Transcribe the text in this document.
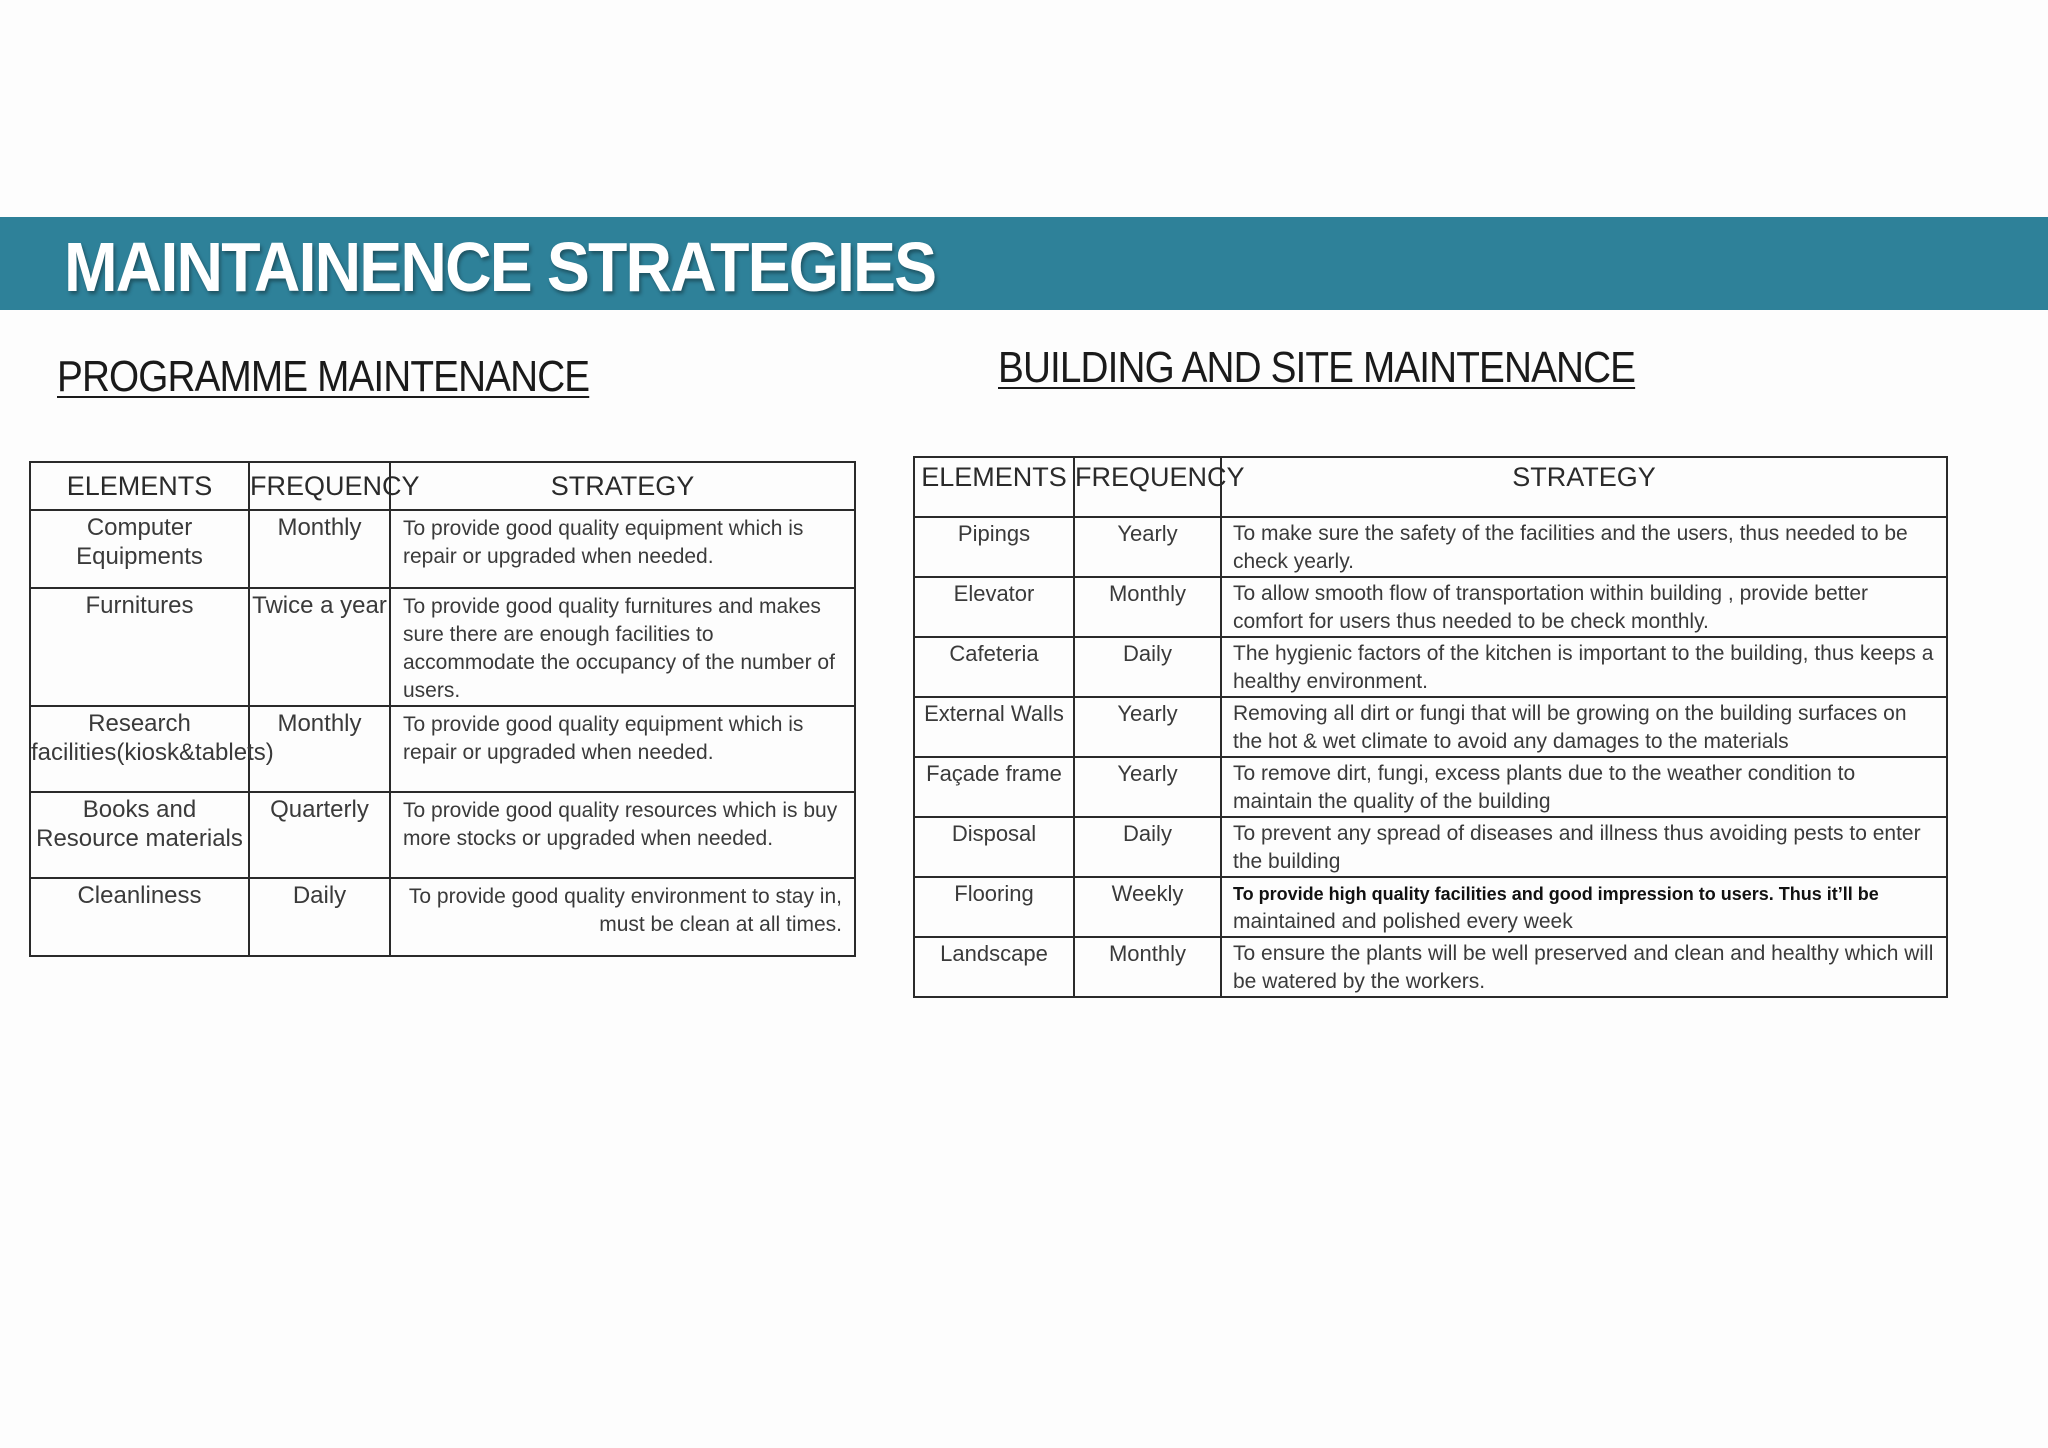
MAINTAINENCE STRATEGIES
PROGRAMME MAINTENANCE	BUILDING AND SITE MAINTENANCE
ELEMENTS	FREQUENCY	STRATEGY
Computer Equipments	Monthly	To provide good quality equipment which is repair or upgraded when needed.
Furnitures	Twice a year	To provide good quality furnitures and makes sure there are enough facilities to accommodate the occupancy of the number of users.
Research facilities(kiosk&tablets)	Monthly	To provide good quality equipment which is repair or upgraded when needed.
Books and Resource materials	Quarterly	To provide good quality resources which is buy more stocks or upgraded when needed.
Cleanliness	Daily	To provide good quality environment to stay in, must be clean at all times.
ELEMENTS	FREQUENCY	STRATEGY
Pipings	Yearly	To make sure the safety of the facilities and the users, thus needed to be check yearly.
Elevator	Monthly	To allow smooth flow of transportation within building , provide better comfort for users thus needed to be check monthly.
Cafeteria	Daily	The hygienic factors of the kitchen is important to the building, thus keeps a healthy environment.
External Walls	Yearly	Removing all dirt or fungi that will be growing on the building surfaces on the hot & wet climate to avoid any damages to the materials
Façade frame	Yearly	To remove dirt, fungi, excess plants due to the weather condition to maintain the quality of the building
Disposal	Daily	To prevent any spread of diseases and illness thus avoiding pests to enter the building
Flooring	Weekly	To provide high quality facilities and good impression to users. Thus it’ll be maintained and polished every week
Landscape	Monthly	To ensure the plants will be well preserved and clean and healthy which will be watered by the workers.
